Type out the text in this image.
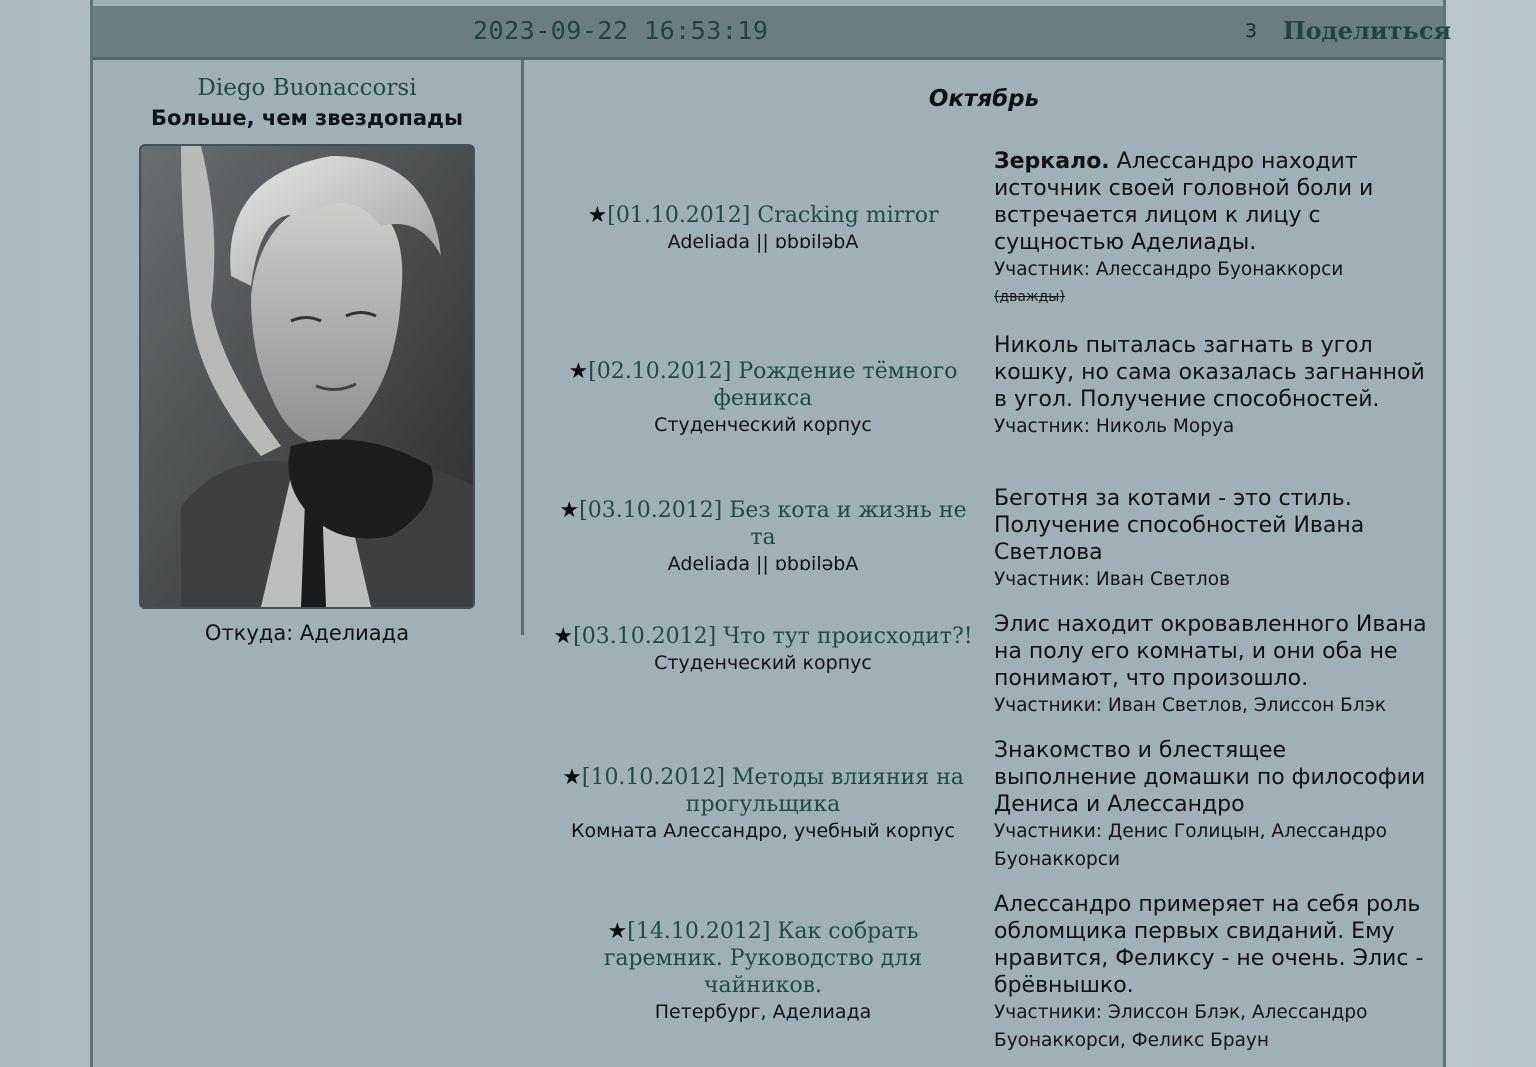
2023-09-22 16:53:19	3 Поделиться
Diego Buonaccorsi
Больше, чем звездопады
Откуда: Аделиада
Октябрь
★[01.10.2012] Cracking mirror
Adeliada || ɒbɒiləbA
Зеркало. Алессандро находит источник своей головной боли и встречается лицом к лицу с сущностью Аделиады.
Участник: Алессандро Буонаккорси
(дважды)
★[02.10.2012] Рождение тёмного феникса
Студенческий корпус
Николь пыталась загнать в угол кошку, но сама оказалась загнанной в угол. Получение способностей.
Участник: Николь Моруа
★[03.10.2012] Без кота и жизнь не та
Adeliada || ɒbɒiləbA
Беготня за котами - это стиль. Получение способностей Ивана Светлова
Участник: Иван Светлов
★[03.10.2012] Что тут происходит?!
Студенческий корпус
Элис находит окровавленного Ивана на полу его комнаты, и они оба не понимают, что произошло.
Участники: Иван Светлов, Элиссон Блэк
★[10.10.2012] Методы влияния на прогульщика
Комната Алессандро, учебный корпус
Знакомство и блестящее выполнение домашки по философии Дениса и Алессандро
Участники: Денис Голицын, Алессандро Буонаккорси
★[14.10.2012] Как собрать гаремник. Руководство для чайников.
Петербург, Аделиада
Алессандро примеряет на себя роль обломщика первых свиданий. Ему нравится, Феликсу - не очень. Элис - брёвнышко.
Участники: Элиссон Блэк, Алессандро Буонаккорси, Феликс Браун
